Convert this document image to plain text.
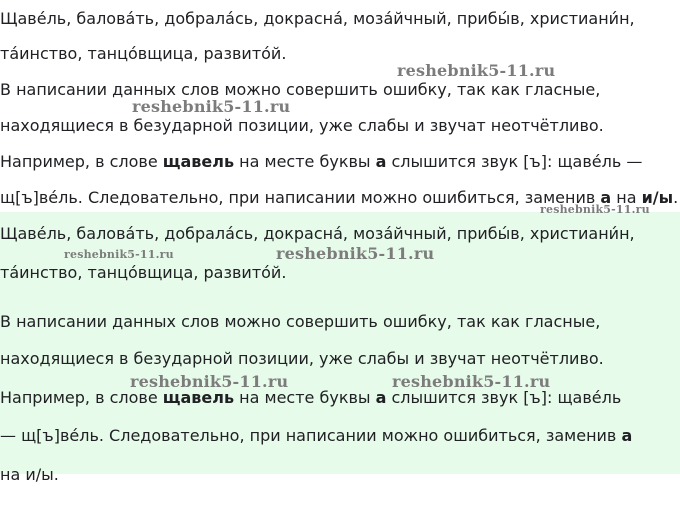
Щаве́ль, балова́ть, добрала́сь, докрасна́, моза́йчный, прибы́в, христиани́н,
та́инство, танцо́вщица, развито́й.
В написании данных слов можно совершить ошибку, так как гласные,
находящиеся в безударной позиции, уже слабы и звучат неотчётливо.
Например, в слове щавель на месте буквы а слышится звук [ъ]: щаве́ль —
щ[ъ]ве́ль. Следовательно, при написании можно ошибиться, заменив а на и/ы.
reshebnik5-11.ru
reshebnik5-11.ru
Щаве́ль, балова́ть, добрала́сь, докрасна́, моза́йчный, прибы́в, христиани́н,
та́инство, танцо́вщица, развито́й.
В написании данных слов можно совершить ошибку, так как гласные,
находящиеся в безударной позиции, уже слабы и звучат неотчётливо.
Например, в слове щавель на месте буквы а слышится звук [ъ]: щаве́ль
— щ[ъ]ве́ль. Следовательно, при написании можно ошибиться, заменив а
на и/ы.
reshebnik5-11.ru
reshebnik5-11.ru	reshebnik5-11.ru
reshebnik5-11.ru	reshebnik5-11.ru
